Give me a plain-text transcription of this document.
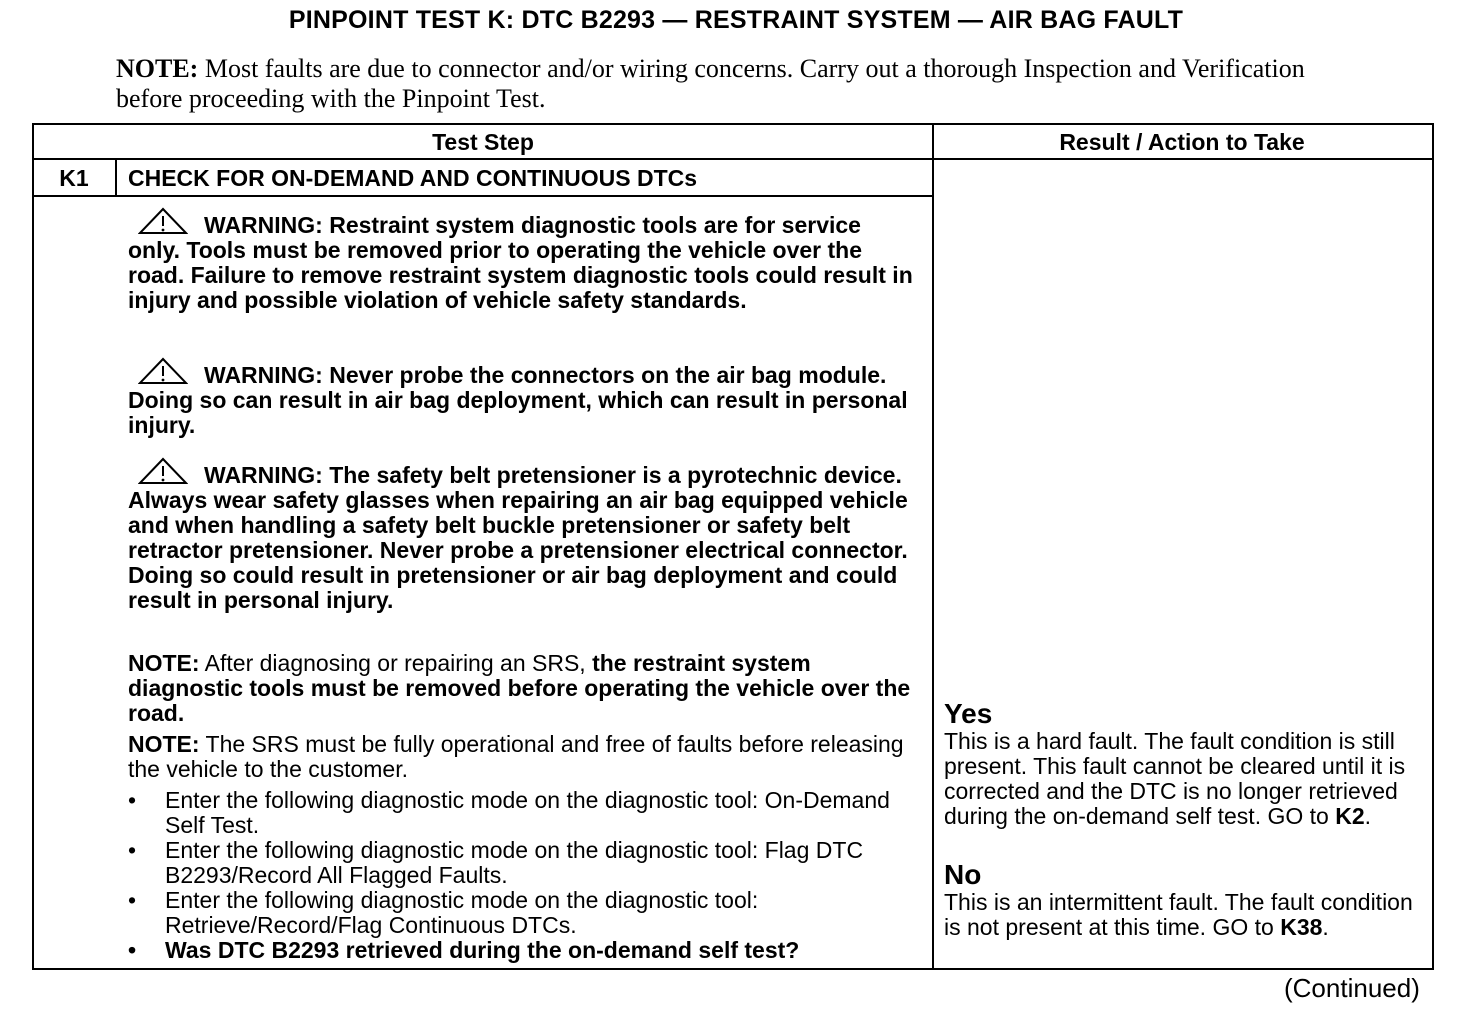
PINPOINT TEST K: DTC B2293 — RESTRAINT SYSTEM — AIR BAG FAULT
NOTE: Most faults are due to connector and/or wiring concerns. Carry out a thorough Inspection and Verification before proceeding with the Pinpoint Test.
Test Step	Result / Action to Take
K1	CHECK FOR ON-DEMAND AND CONTINUOUS DTCs
WARNING: Restraint system diagnostic tools are for service only. Tools must be removed prior to operating the vehicle over the road. Failure to remove restraint system diagnostic tools could result in injury and possible violation of vehicle safety standards.
WARNING: Never probe the connectors on the air bag module. Doing so can result in air bag deployment, which can result in personal injury.
WARNING: The safety belt pretensioner is a pyrotechnic device. Always wear safety glasses when repairing an air bag equipped vehicle and when handling a safety belt buckle pretensioner or safety belt retractor pretensioner. Never probe a pretensioner electrical connector. Doing so could result in pretensioner or air bag deployment and could result in personal injury.
NOTE: After diagnosing or repairing an SRS, the restraint system diagnostic tools must be removed before operating the vehicle over the road.
NOTE: The SRS must be fully operational and free of faults before releasing the vehicle to the customer.
• Enter the following diagnostic mode on the diagnostic tool: On-Demand Self Test.
• Enter the following diagnostic mode on the diagnostic tool: Flag DTC B2293/Record All Flagged Faults.
• Enter the following diagnostic mode on the diagnostic tool: Retrieve/Record/Flag Continuous DTCs.
• Was DTC B2293 retrieved during the on-demand self test?
Yes
This is a hard fault. The fault condition is still present. This fault cannot be cleared until it is corrected and the DTC is no longer retrieved during the on-demand self test. GO to K2.
No
This is an intermittent fault. The fault condition is not present at this time. GO to K38.
(Continued)
